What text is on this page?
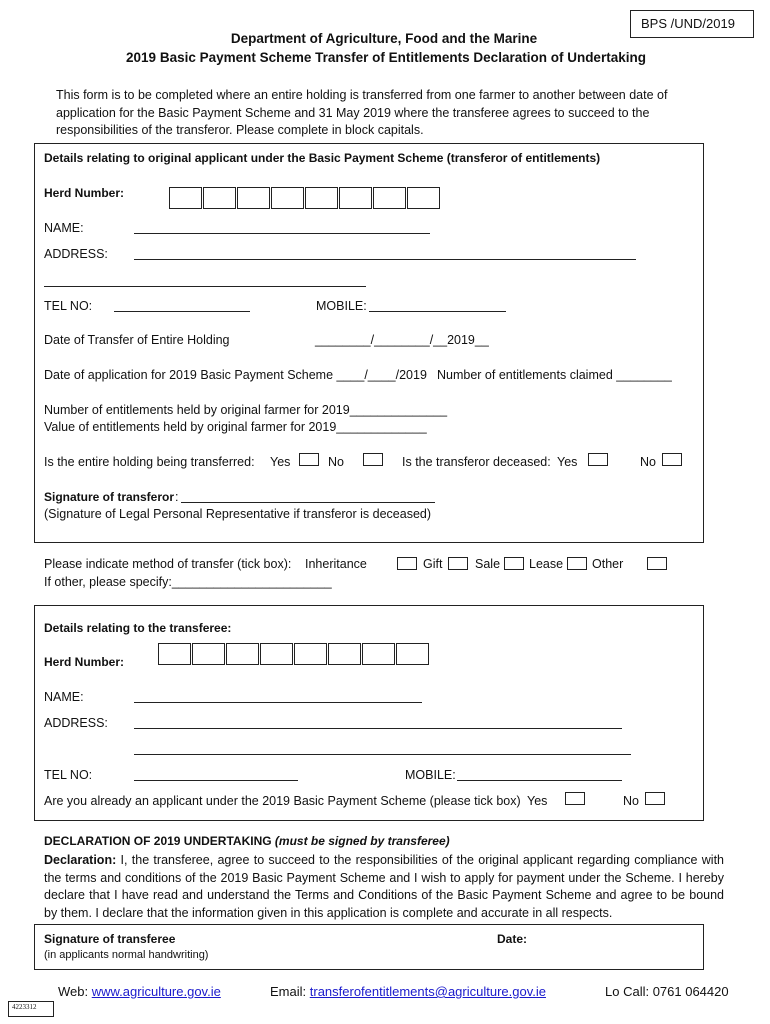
BPS /UND/2019
Department of Agriculture, Food and the Marine
2019 Basic Payment Scheme Transfer of Entitlements Declaration of Undertaking
This form is to be completed where an entire holding is transferred from one farmer to another between date of application for the Basic Payment Scheme and 31 May 2019 where the transferee agrees to succeed to the responsibilities of the transferor. Please complete in block capitals.
Details relating to original applicant under the Basic Payment Scheme (transferor of entitlements)
Herd Number:
NAME:
ADDRESS:
TEL NO:	MOBILE:
Date of Transfer of Entire Holding	________/________/__2019__
Date of application for 2019 Basic Payment Scheme ____/____/2019 Number of entitlements claimed ________
Number of entitlements held by original farmer for 2019______________
Value of entitlements held by original farmer for 2019_____________
Is the entire holding being transferred: Yes	No	Is the transferor deceased: Yes	No
Signature of transferor :
(Signature of Legal Personal Representative if transferor is deceased)
Please indicate method of transfer (tick box): Inheritance	Gift	Sale Lease Other
If other, please specify:_______________________
Details relating to the transferee:
Herd Number:
NAME:
ADDRESS:
TEL NO:	MOBILE:
Are you already an applicant under the 2019 Basic Payment Scheme (please tick box) Yes	No
DECLARATION OF 2019 UNDERTAKING (must be signed by transferee)
Declaration: I, the transferee, agree to succeed to the responsibilities of the original applicant regarding compliance with the terms and conditions of the 2019 Basic Payment Scheme and I wish to apply for payment under the Scheme. I hereby declare that I have read and understand the Terms and Conditions of the Basic Payment Scheme and agree to be bound by them. I declare that the information given in this application is complete and accurate in all respects.
Signature of transferee
(in applicants normal handwriting)
Date:
Web: www.agriculture.gov.ie	Email: transferofentitlements@agriculture.gov.ie	Lo Call: 0761 064420
4223312
